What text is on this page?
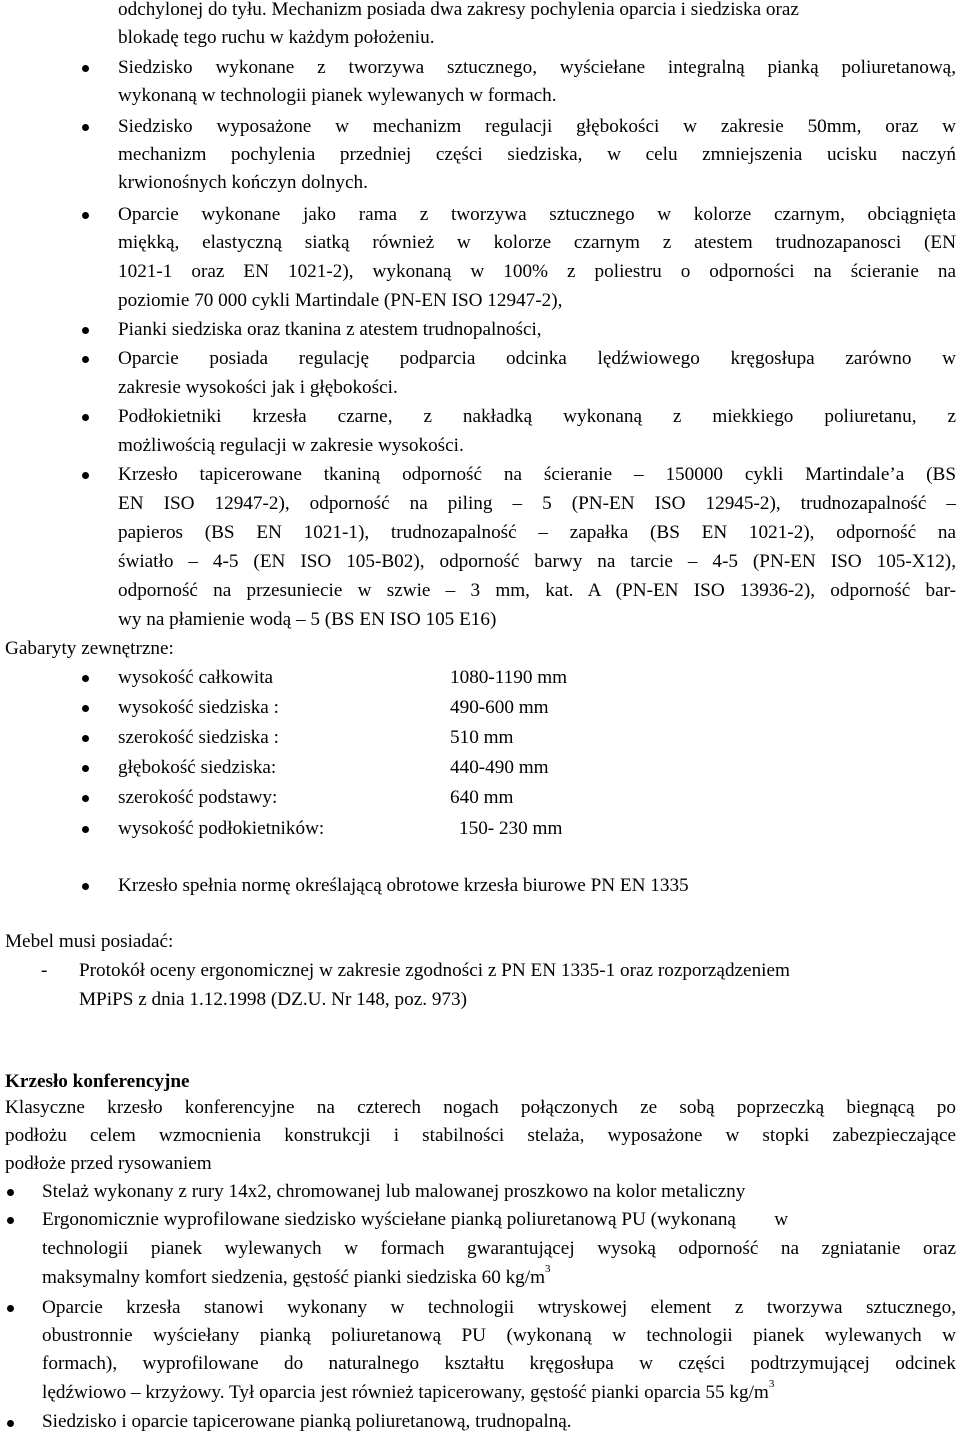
odchylonej do tyłu. Mechanizm posiada dwa zakresy pochylenia oparcia i siedziska oraz
blokadę tego ruchu w każdym położeniu.
Siedzisko wykonane z tworzywa sztucznego, wyściełane integralną pianką poliuretanową,
wykonaną w technologii pianek wylewanych w formach.
Siedzisko wyposażone w mechanizm regulacji głębokości w zakresie 50mm, oraz w
mechanizm pochylenia przedniej części siedziska, w celu zmniejszenia ucisku naczyń
krwionośnych kończyn dolnych.
Oparcie wykonane jako rama z tworzywa sztucznego w kolorze czarnym, obciągnięta
miękką, elastyczną siatką również w kolorze czarnym z atestem trudnozapanosci (EN
1021-1 oraz EN 1021-2), wykonaną w 100% z poliestru o odporności na ścieranie na
poziomie 70 000 cykli Martindale (PN-EN ISO 12947-2),
Pianki siedziska oraz tkanina z atestem trudnopalności,
Oparcie posiada regulację podparcia odcinka lędźwiowego kręgosłupa zarówno w
zakresie wysokości jak i głębokości.
Podłokietniki krzesła czarne, z nakładką wykonaną z miekkiego poliuretanu, z
możliwością regulacji w zakresie wysokości.
Krzesło tapicerowane tkaniną odporność na ścieranie – 150000 cykli Martindale’a (BS
EN ISO 12947-2), odporność na piling – 5 (PN-EN ISO 12945-2), trudnozapalność –
papieros (BS EN 1021-1), trudnozapalność – zapałka (BS EN 1021-2), odporność na
światło – 4-5 (EN ISO 105-B02), odporność barwy na tarcie – 4-5 (PN-EN ISO 105-X12),
odporność na przesuniecie w szwie – 3 mm, kat. A (PN-EN ISO 13936-2), odporność bar-
wy na płamienie wodą – 5 (BS EN ISO 105 E16)
Gabaryty zewnętrzne:
wysokość całkowita	1080-1190 mm
wysokość siedziska :	490-600 mm
szerokość siedziska :	510 mm
głębokość siedziska:	440-490 mm
szerokość podstawy:	640 mm
wysokość podłokietników:	150- 230 mm
Krzesło spełnia normę określającą obrotowe krzesła biurowe PN EN 1335
Mebel musi posiadać:
- Protokół oceny ergonomicznej w zakresie zgodności z PN EN 1335-1 oraz rozporządzeniem
MPiPS z dnia 1.12.1998 (DZ.U. Nr 148, poz. 973)
Krzesło konferencyjne
Klasyczne krzesło konferencyjne na czterech nogach połączonych ze sobą poprzeczką biegnącą po
podłożu celem wzmocnienia konstrukcji i stabilności stelaża, wyposażone w stopki zabezpieczające
podłoże przed rysowaniem
Stelaż wykonany z rury 14x2, chromowanej lub malowanej proszkowo na kolor metaliczny
Ergonomicznie wyprofilowane siedzisko wyściełane pianką poliuretanową PU (wykonaną        w
technologii pianek wylewanych w formach gwarantującej wysoką odporność na zgniatanie oraz
maksymalny komfort siedzenia, gęstość pianki siedziska 60 $kg/m^3$
Oparcie krzesła stanowi wykonany w technologii wtryskowej element z tworzywa sztucznego,
obustronnie wyściełany pianką poliuretanową PU (wykonaną w technologii pianek wylewanych w
formach), wyprofilowane do naturalnego kształtu kręgosłupa w części podtrzymującej odcinek
lędźwiowo – krzyżowy. Tył oparcia jest również tapicerowany, gęstość pianki oparcia 55 $kg/m^3$
Siedzisko i oparcie tapicerowane pianką poliuretanową, trudnopalną.
